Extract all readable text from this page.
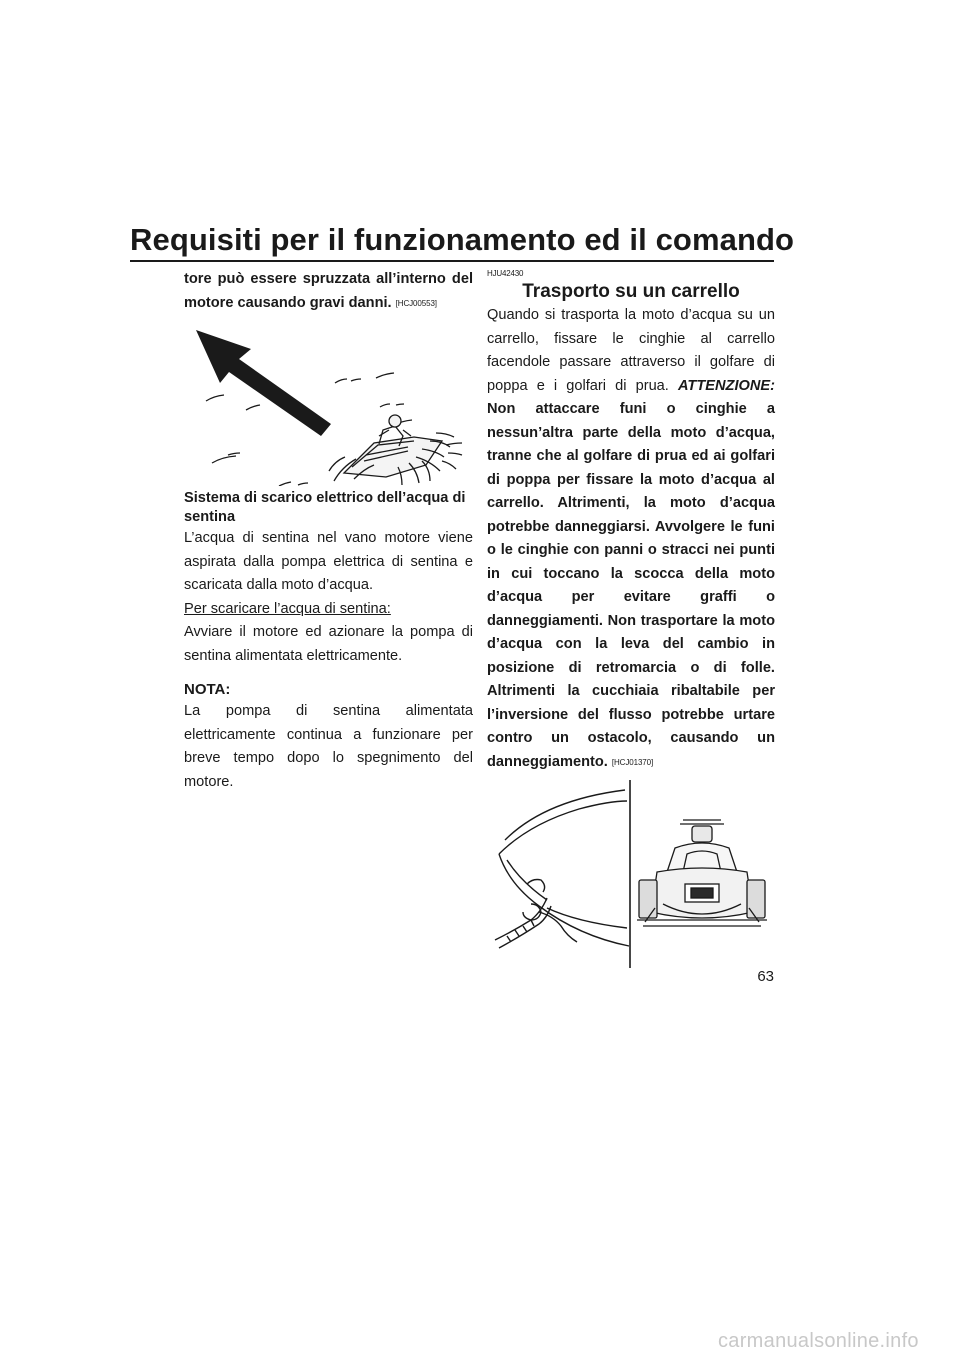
Requisiti per il funzionamento ed il comando

tore può essere spruzzata all’interno del motore causando gravi danni. [HCJ00553]

Sistema di scarico elettrico dell’acqua di sentina

L’acqua di sentina nel vano motore viene aspirata dalla pompa elettrica di sentina e scaricata dalla moto d’acqua.

Per scaricare l’acqua di sentina:

Avviare il motore ed azionare la pompa di sentina alimentata elettricamente.

NOTA:

La pompa di sentina alimentata elettricamente continua a funzionare per breve tempo dopo lo spegnimento del motore.

HJU42430
Trasporto su un carrello

Quando si trasporta la moto d’acqua su un carrello, fissare le cinghie al carrello facendole passare attraverso il golfare di poppa e i golfari di prua. ATTENZIONE: Non attaccare funi o cinghie a nessun’altra parte della moto d’acqua, tranne che al golfare di prua ed ai golfari di poppa per fissare la moto d’acqua al carrello. Altrimenti, la moto d’acqua potrebbe danneggiarsi. Avvolgere le funi o le cinghie con panni o stracci nei punti in cui toccano la scocca della moto d’acqua per evitare graffi o danneggiamenti. Non trasportare la moto d’acqua con la leva del cambio in posizione di retromarcia o di folle. Altrimenti la cucchiaia ribaltabile per l’inversione del flusso potrebbe urtare contro un ostacolo, causando un danneggiamento. [HCJ01370]

63
carmanualsonline.info
